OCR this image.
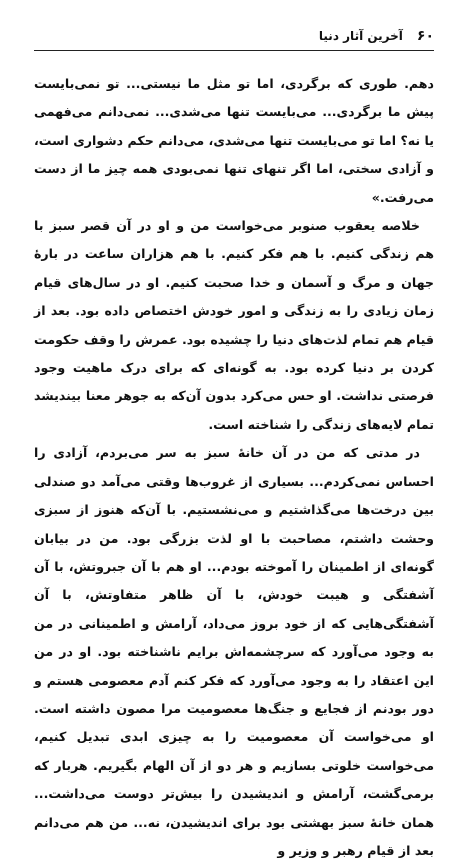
۶۰
آخرین آثار دنیا

دهم. طوری که برگردی، اما تو مثل ما نیستی... تو نمی‌بایست پیش ما برگردی... می‌بایست تنها می‌شدی... نمی‌دانم می‌فهمی یا نه؟ اما تو می‌بایست تنها می‌شدی، می‌دانم حکم دشواری است، و آزادی سختی، اما اگر تنهای تنها نمی‌بودی همه چیز ما از دست می‌رفت.»

خلاصه یعقوب صنوبر می‌خواست من و او در آن قصر سبز با هم زندگی کنیم. با هم فکر کنیم. با هم هزاران ساعت در بارهٔ جهان و مرگ و آسمان و خدا صحبت کنیم. او در سال‌های قیام زمان زیادی را به زندگی و امور خودش اختصاص داده بود. بعد از قیام هم تمام لذت‌های دنیا را چشیده بود. عمرش را وقف حکومت کردن بر دنیا کرده بود. به گونه‌ای که برای درک ماهیت وجود فرصتی نداشت. او حس می‌کرد بدون آن‌که به جوهر معنا بیندیشد تمام لایه‌های زندگی را شناخته است.

در مدتی که من در آن خانهٔ سبز به سر می‌بردم، آزادی را احساس نمی‌کردم... بسیاری از غروب‌ها وقتی می‌آمد دو صندلی بین درخت‌ها می‌گذاشتیم و می‌نشستیم. با آن‌که هنوز از سبزی وحشت داشتم، مصاحبت با او لذت بزرگی بود. من در بیابان گونه‌ای از اطمینان را آموخته بودم... او هم با آن جبروتش، با آن آشفتگی و هیبت خودش، با آن ظاهر متفاوتش، با آن آشفتگی‌هایی که از خود بروز می‌داد، آرامش و اطمینانی در من به وجود می‌آورد که سرچشمه‌اش برایم ناشناخته بود. او در من این اعتقاد را به وجود می‌آورد که فکر کنم آدم معصومی هستم و دور بودنم از فجایع و جنگ‌ها معصومیت مرا مصون داشته است. او می‌خواست آن معصومیت را به چیزی ابدی تبدیل کنیم، می‌خواست خلوتی بسازیم و هر دو از آن الهام بگیریم. هربار که برمی‌گشت، آرامش و اندیشیدن را بیش‌تر دوست می‌داشت... همان خانهٔ سبز بهشتی بود برای اندیشیدن، نه... من هم می‌دانم بعد از قیام رهبر و وزیر و
